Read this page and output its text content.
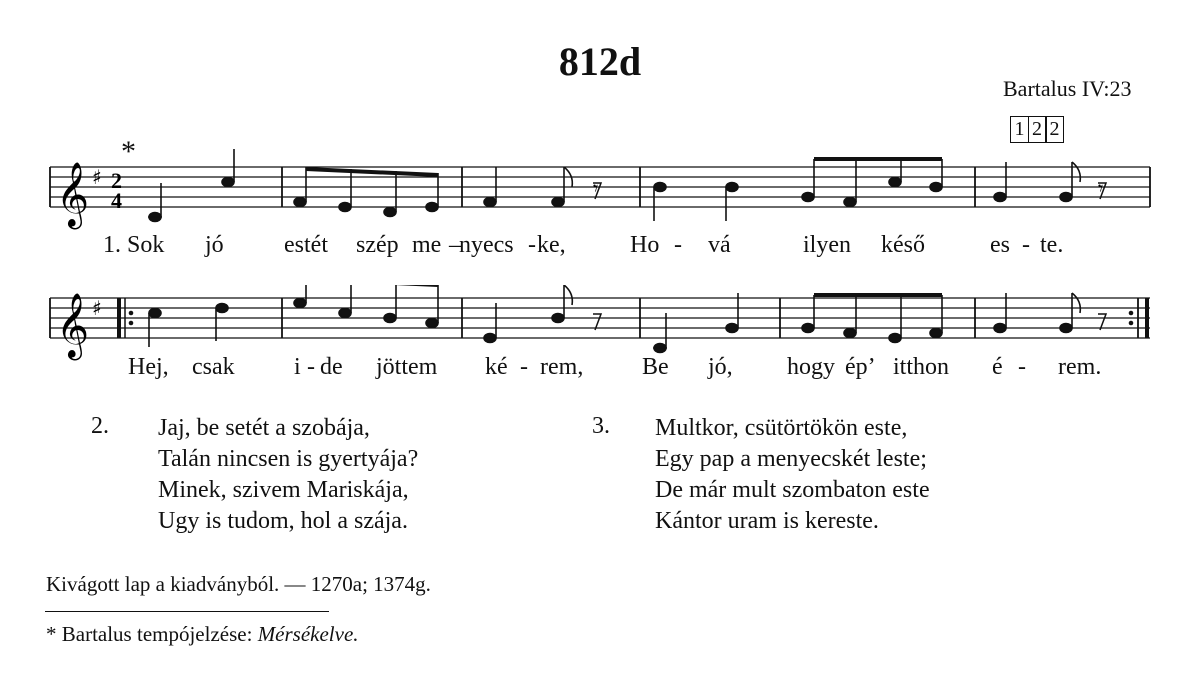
812d
Bartalus IV:23
1 2 2
*
𝄞 ♯ 2
4	𝄾	𝄾
1. Sok jó	estét szép me –
nyecs - ke,	Ho - vá	ilyen késő	es - te.
𝄞 ♯
Hej, csak i - de jöttem ké - rem, Be jó, hogy ép’ itthon é - rem.
2. Jaj, be setét a szobája,
Talán nincsen is gyertyája?
Minek, szivem Mariskája,
Ugy is tudom, hol a szája.
3. Multkor, csütörtökön este,
Egy pap a menyecskét leste;
De már mult szombaton este
Kántor uram is kereste.
Kivágott lap a kiadványból. — 1270a; 1374g.
* Bartalus tempójelzése: Mérsékelve.
